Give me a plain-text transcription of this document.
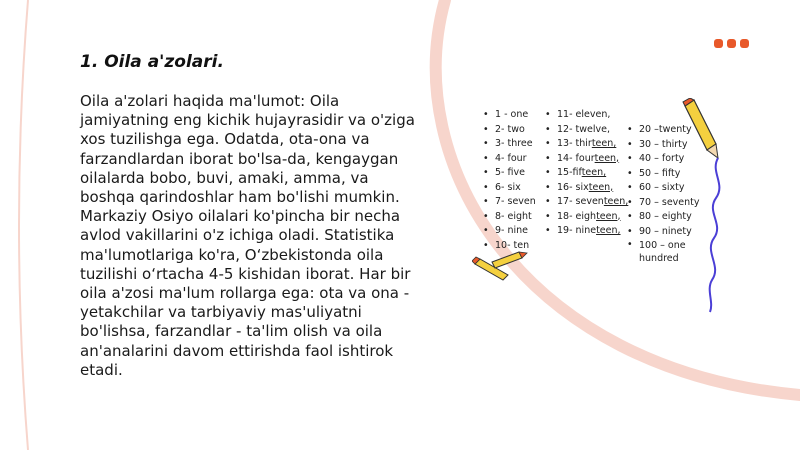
1. Oila a'zolari.

Oila a'zolari haqida ma'lumot: Oila jamiyatning eng kichik hujayrasidir va o'ziga xos tuzilishga ega. Odatda, ota-ona va farzandlardan iborat bo'lsa-da, kengaygan oilalarda bobo, buvi, amaki, amma, va boshqa qarindoshlar ham bo'lishi mumkin. Markaziy Osiyo oilalari ko'pincha bir necha avlod vakillarini o'z ichiga oladi. Statistika ma'lumotlariga ko'ra, O‘zbekistonda oila tuzilishi o‘rtacha 4-5 kishidan iborat. Har bir oila a'zosi ma'lum rollarga ega: ota va ona - yetakchilar va tarbiyaviy mas'uliyatni bo'lishsa, farzandlar - ta'lim olish va oila an'analarini davom ettirishda faol ishtirok etadi.

• 1 - one
• 2- two
• 3- three
• 4- four
• 5- five
• 6- six
• 7- seven
• 8- eight
• 9- nine
• 10- ten
• 11- eleven,
• 12- twelve,
• 13- thirteen,
• 14- fourteen,
• 15-fifteen,
• 16- sixteen,
• 17- seventeen,
• 18- eighteen,
• 19- nineteen,
• 20 –twenty
• 30 – thirty
• 40 – forty
• 50 – fifty
• 60 – sixty
• 70 – seventy
• 80 – eighty
• 90 – ninety
• 100 – one hundred
